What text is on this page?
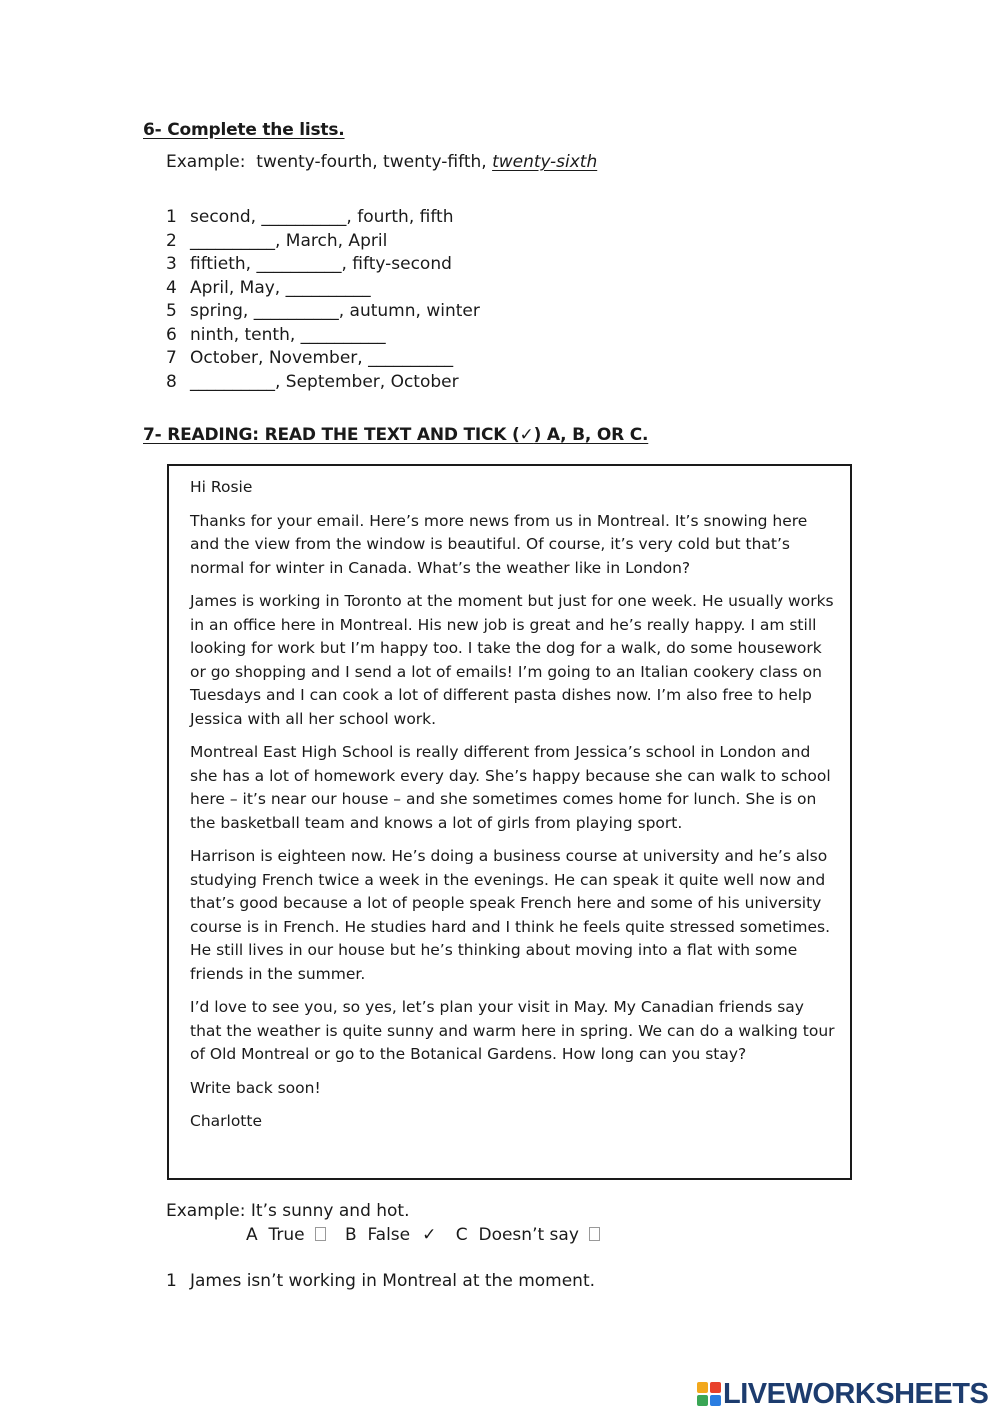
6- Complete the lists.
Example: twenty-fourth, twenty-fifth, twenty-sixth
1 second, __________, fourth, fifth
2 __________, March, April
3 fiftieth, __________, fifty-second
4 April, May, __________
5 spring, __________, autumn, winter
6 ninth, tenth, __________
7 October, November, __________
8 __________, September, October
7- READING: READ THE TEXT AND TICK (✓) A, B, OR C.

Hi Rosie

Thanks for your email. Here’s more news from us in Montreal. It’s snowing here and the view from the window is beautiful. Of course, it’s very cold but that’s normal for winter in Canada. What’s the weather like in London?

James is working in Toronto at the moment but just for one week. He usually works in an office here in Montreal. His new job is great and he’s really happy. I am still looking for work but I’m happy too. I take the dog for a walk, do some housework or go shopping and I send a lot of emails! I’m going to an Italian cookery class on Tuesdays and I can cook a lot of different pasta dishes now. I’m also free to help Jessica with all her school work.

Montreal East High School is really different from Jessica’s school in London and she has a lot of homework every day. She’s happy because she can walk to school here – it’s near our house – and she sometimes comes home for lunch. She is on the basketball team and knows a lot of girls from playing sport.

Harrison is eighteen now. He’s doing a business course at university and he’s also studying French twice a week in the evenings. He can speak it quite well now and that’s good because a lot of people speak French here and some of his university course is in French. He studies hard and I think he feels quite stressed sometimes. He still lives in our house but he’s thinking about moving into a flat with some friends in the summer.

I’d love to see you, so yes, let’s plan your visit in May. My Canadian friends say that the weather is quite sunny and warm here in spring. We can do a walking tour of Old Montreal or go to the Botanical Gardens. How long can you stay?

Write back soon!

Charlotte

Example: It’s sunny and hot.
A True B False ✓ C Doesn’t say
1 James isn’t working in Montreal at the moment.
LIVEWORKSHEETS
